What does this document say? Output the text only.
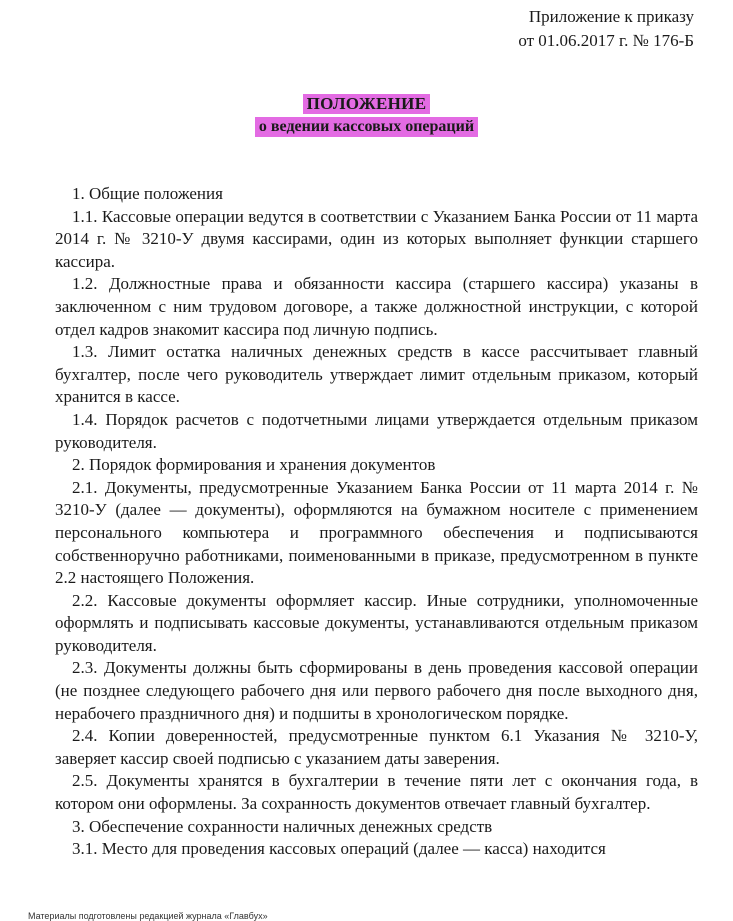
Приложение к приказу
от 01.06.2017 г. № 176-Б
ПОЛОЖЕНИЕ
о ведении кассовых операций

1. Общие положения

1.1. Кассовые операции ведутся в соответствии с Указанием Банка России от 11 марта 2014 г. № 3210-У двумя кассирами, один из которых выполняет функции старшего кассира.

1.2. Должностные права и обязанности кассира (старшего кассира) указаны в заключенном с ним трудовом договоре, а также должностной инструкции, с которой отдел кадров знакомит кассира под личную подпись.

1.3. Лимит остатка наличных денежных средств в кассе рассчитывает главный бухгалтер, после чего руководитель утверждает лимит отдельным приказом, который хранится в кассе.

1.4. Порядок расчетов с подотчетными лицами утверждается отдельным приказом руководителя.

2. Порядок формирования и хранения документов

2.1. Документы, предусмотренные Указанием Банка России от 11 марта 2014 г. № 3210-У (далее — документы), оформляются на бумажном носителе с применением персонального компьютера и программного обеспечения и подписываются собственноручно работниками, поименованными в приказе, предусмотренном в пункте 2.2 настоящего Положения.

2.2. Кассовые документы оформляет кассир. Иные сотрудники, уполномоченные оформлять и подписывать кассовые документы, устанавливаются отдельным приказом руководителя.

2.3. Документы должны быть сформированы в день проведения кассовой операции (не позднее следующего рабочего дня или первого рабочего дня после выходного дня, нерабочего праздничного дня) и подшиты в хронологическом порядке.

2.4. Копии доверенностей, предусмотренные пунктом 6.1 Указания № 3210-У, заверяет кассир своей подписью с указанием даты заверения.

2.5. Документы хранятся в бухгалтерии в течение пяти лет с окончания года, в котором они оформлены. За сохранность документов отвечает главный бухгалтер.

3. Обеспечение сохранности наличных денежных средств

3.1. Место для проведения кассовых операций (далее — касса) находится

Материалы подготовлены редакцией журнала «Главбух»
